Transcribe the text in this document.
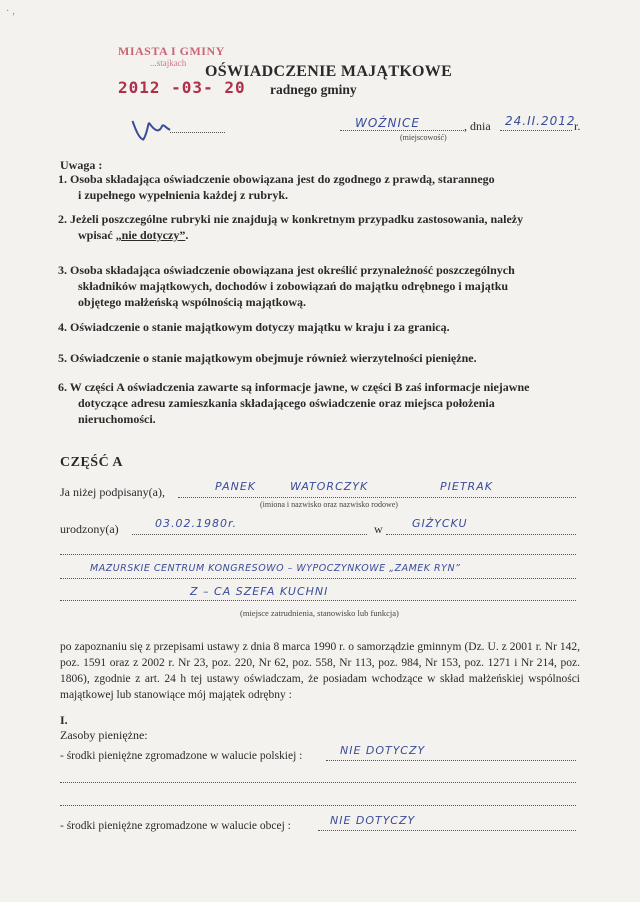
· ‚
MIASTA I GMINY
...stajkach
2012 -03- 20
OŚWIADCZENIE MAJĄTKOWE
radnego gminy
WOŹNICE	, dnia 24.II.2012
r.
(miejscowość)
Uwaga :
1. Osoba składająca oświadczenie obowiązana jest do zgodnego z prawdą, starannego
i zupełnego wypełnienia każdej z rubryk.
2. Jeżeli poszczególne rubryki nie znajdują w konkretnym przypadku zastosowania, należy
wpisać „nie dotyczy”.
3. Osoba składająca oświadczenie obowiązana jest określić przynależność poszczególnych
składników majątkowych, dochodów i zobowiązań do majątku odrębnego i majątku
objętego małżeńską wspólnością majątkową.
4. Oświadczenie o stanie majątkowym dotyczy majątku w kraju i za granicą.
5. Oświadczenie o stanie majątkowym obejmuje również wierzytelności pieniężne.
6. W części A oświadczenia zawarte są informacje jawne, w części B zaś informacje niejawne
dotyczące adresu zamieszkania składającego oświadczenie oraz miejsca położenia
nieruchomości.
CZĘŚĆ A
Ja niżej podpisany(a),	PANEK	WATORCZYK	PIETRAK
(imiona i nazwisko oraz nazwisko rodowe)
urodzony(a)	03.02.1980r.	w	GIŻYCKU
MAZURSKIE CENTRUM KONGRESOWO – WYPOCZYNKOWE „ZAMEK RYN”
Z – CA SZEFA KUCHNI
(miejsce zatrudnienia, stanowisko lub funkcja)
po zapoznaniu się z przepisami ustawy z dnia 8 marca 1990 r. o samorządzie gminnym (Dz. U. z 2001 r. Nr 142, poz. 1591 oraz z 2002 r. Nr 23, poz. 220, Nr 62, poz. 558, Nr 113, poz. 984, Nr 153, poz. 1271 i Nr 214, poz. 1806), zgodnie z art. 24 h tej ustawy oświadczam, że posiadam wchodzące w skład małżeńskiej wspólności majątkowej lub stanowiące mój majątek odrębny :
I.
Zasoby pieniężne:
- środki pieniężne zgromadzone w walucie polskiej :	NIE DOTYCZY
- środki pieniężne zgromadzone w walucie obcej :	NIE DOTYCZY
